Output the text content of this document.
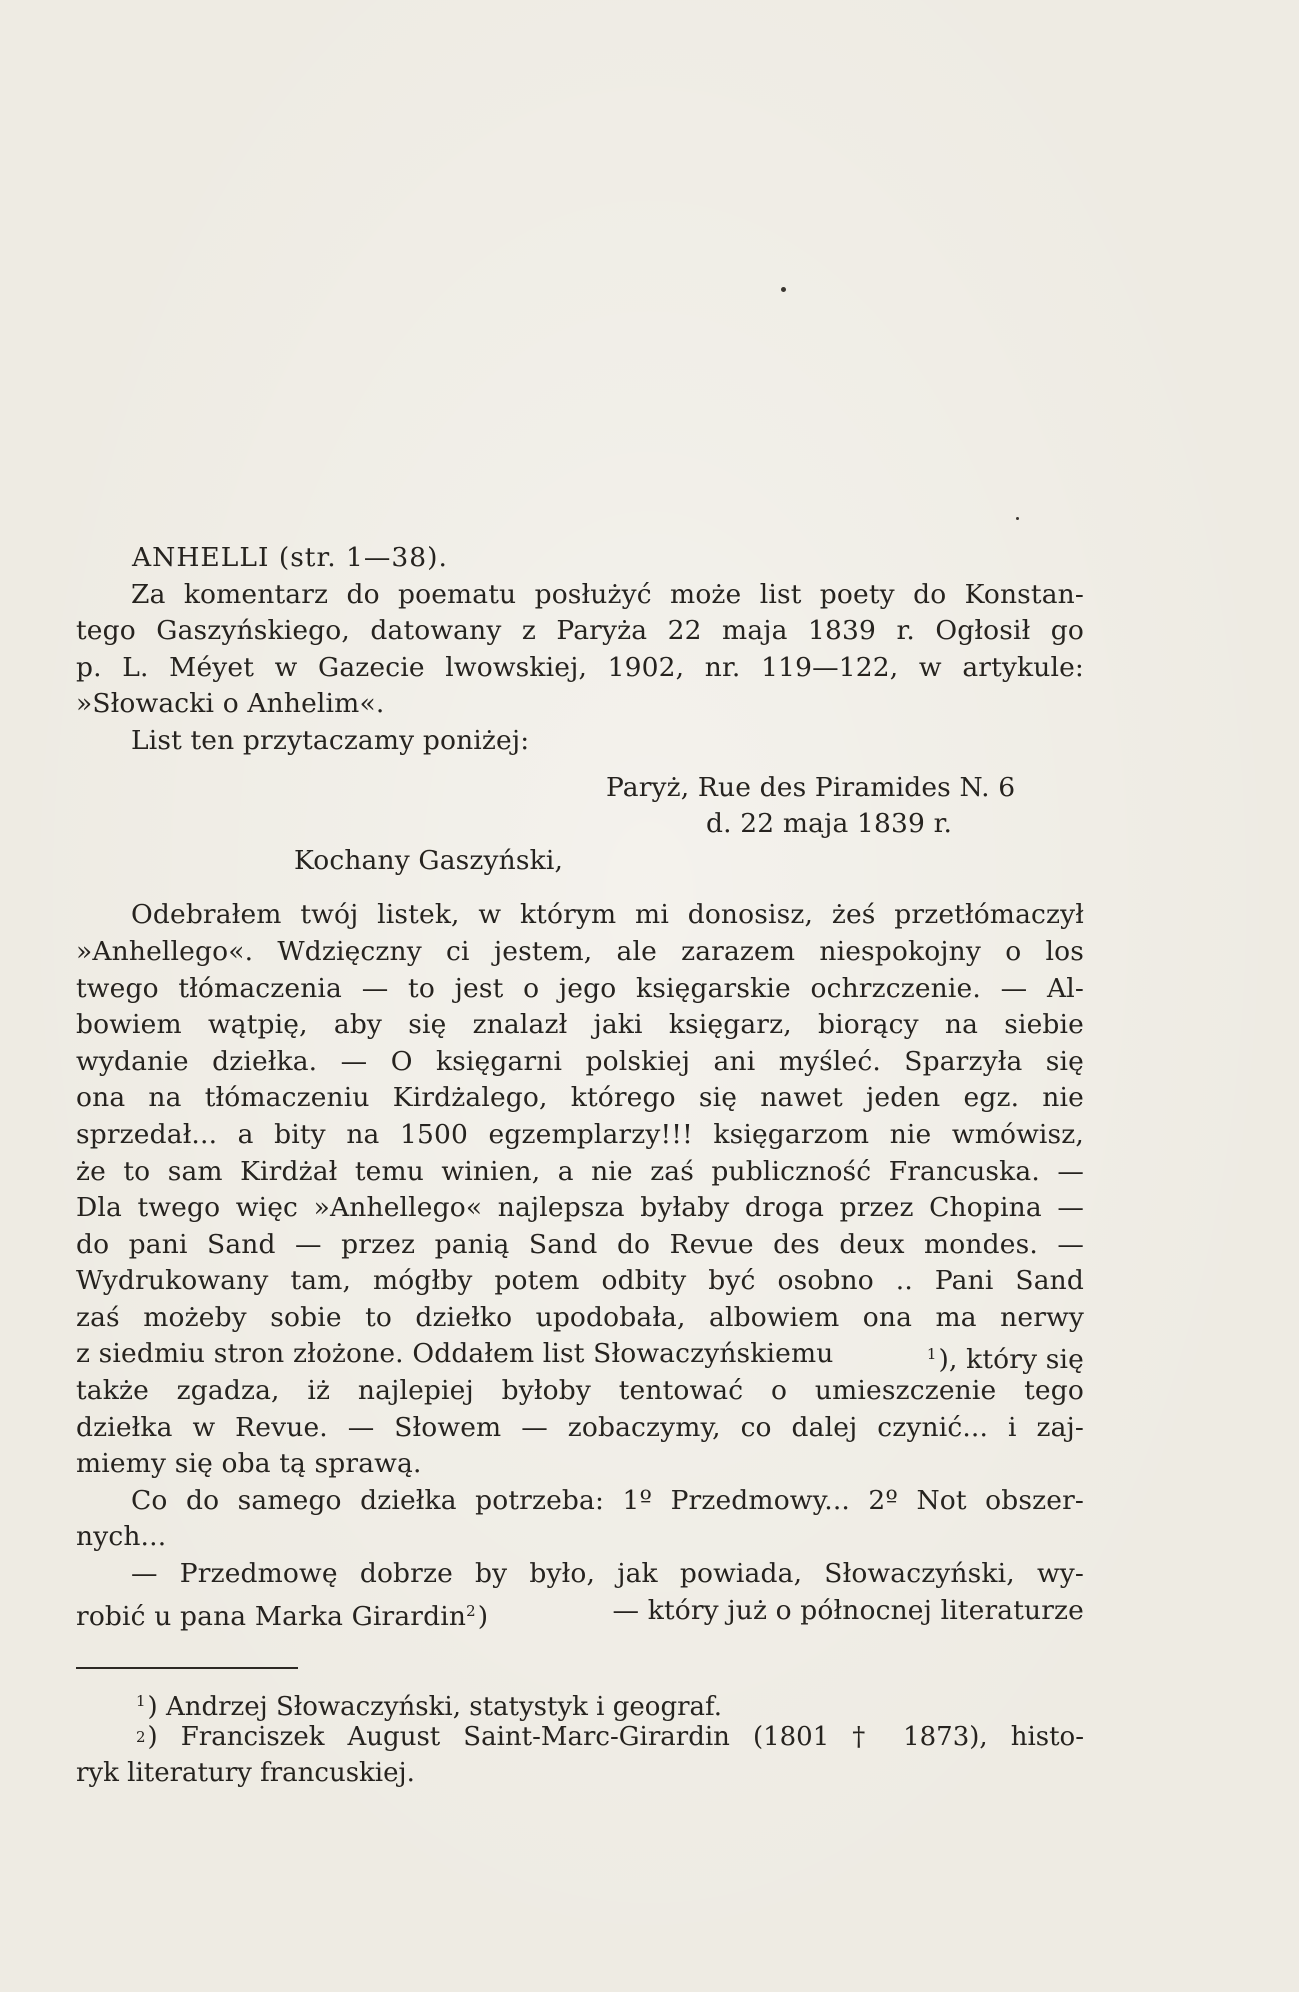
ANHELLI (str. 1—38).
Za komentarz do poematu posłużyć może list poety do Konstan-
tego Gaszyńskiego, datowany z Paryża 22 maja 1839 r. Ogłosił go
p. L. Méyet w Gazecie lwowskiej, 1902, nr. 119—122, w artykule:
»Słowacki o Anhelim«.
List ten przytaczamy poniżej:
Paryż, Rue des Piramides N. 6
d. 22 maja 1839 r.
Kochany Gaszyński,
Odebrałem twój listek, w którym mi donosisz, żeś przetłómaczył
»Anhellego«. Wdzięczny ci jestem, ale zarazem niespokojny o los
twego tłómaczenia — to jest o jego księgarskie ochrzczenie. — Al-
bowiem wątpię, aby się znalazł jaki księgarz, biorący na siebie
wydanie dziełka. — O księgarni polskiej ani myśleć. Sparzyła się
ona na tłómaczeniu Kirdżalego, którego się nawet jeden egz. nie
sprzedał... a bity na 1500 egzemplarzy!!! księgarzom nie wmówisz,
że to sam Kirdżał temu winien, a nie zaś publiczność Francuska. —
Dla twego więc »Anhellego« najlepsza byłaby droga przez Chopina —
do pani Sand — przez panią Sand do Revue des deux mondes. —
Wydrukowany tam, mógłby potem odbity być osobno .. Pani Sand
zaś możeby sobie to dziełko upodobała, albowiem ona ma nerwy
z siedmiu stron złożone. Oddałem list Słowaczyńskiemu	$^1$), który się
także zgadza, iż najlepiej byłoby tentować o umieszczenie tego
dziełka w Revue. — Słowem — zobaczymy, co dalej czynić... i zaj-
miemy się oba tą sprawą.
Co do samego dziełka potrzeba: 1º Przedmowy... 2º Not obszer-
nych...
— Przedmowę dobrze by było, jak powiada, Słowaczyński, wy-
robić u pana Marka Girardin$^2$)	— który już o północnej literaturze
$^1$) Andrzej Słowaczyński, statystyk i geograf.
2 ) Franciszek August Saint-Marc-Girardin (1801 † 1873), histo-
ryk literatury francuskiej.
